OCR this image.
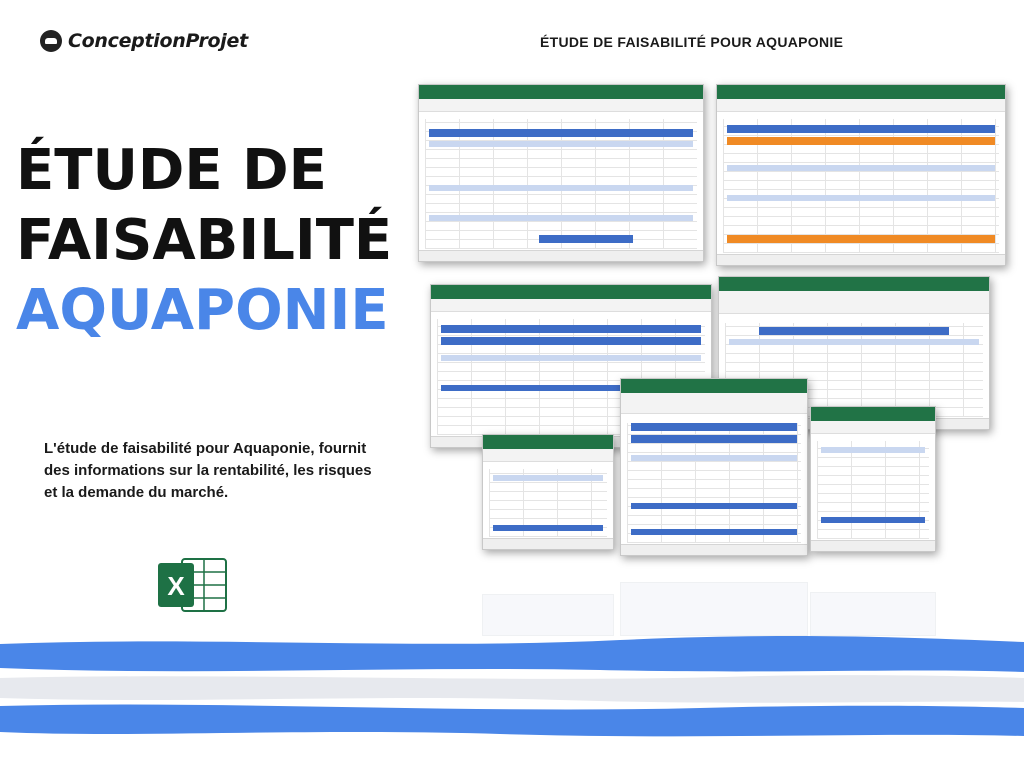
ConceptionProjet	ÉTUDE DE FAISABILITÉ POUR AQUAPONIE
ÉTUDE DE
FAISABILITÉ
AQUAPONIE
L'étude de faisabilité pour Aquaponie, fournit des informations sur la rentabilité, les risques et la demande du marché.
X
